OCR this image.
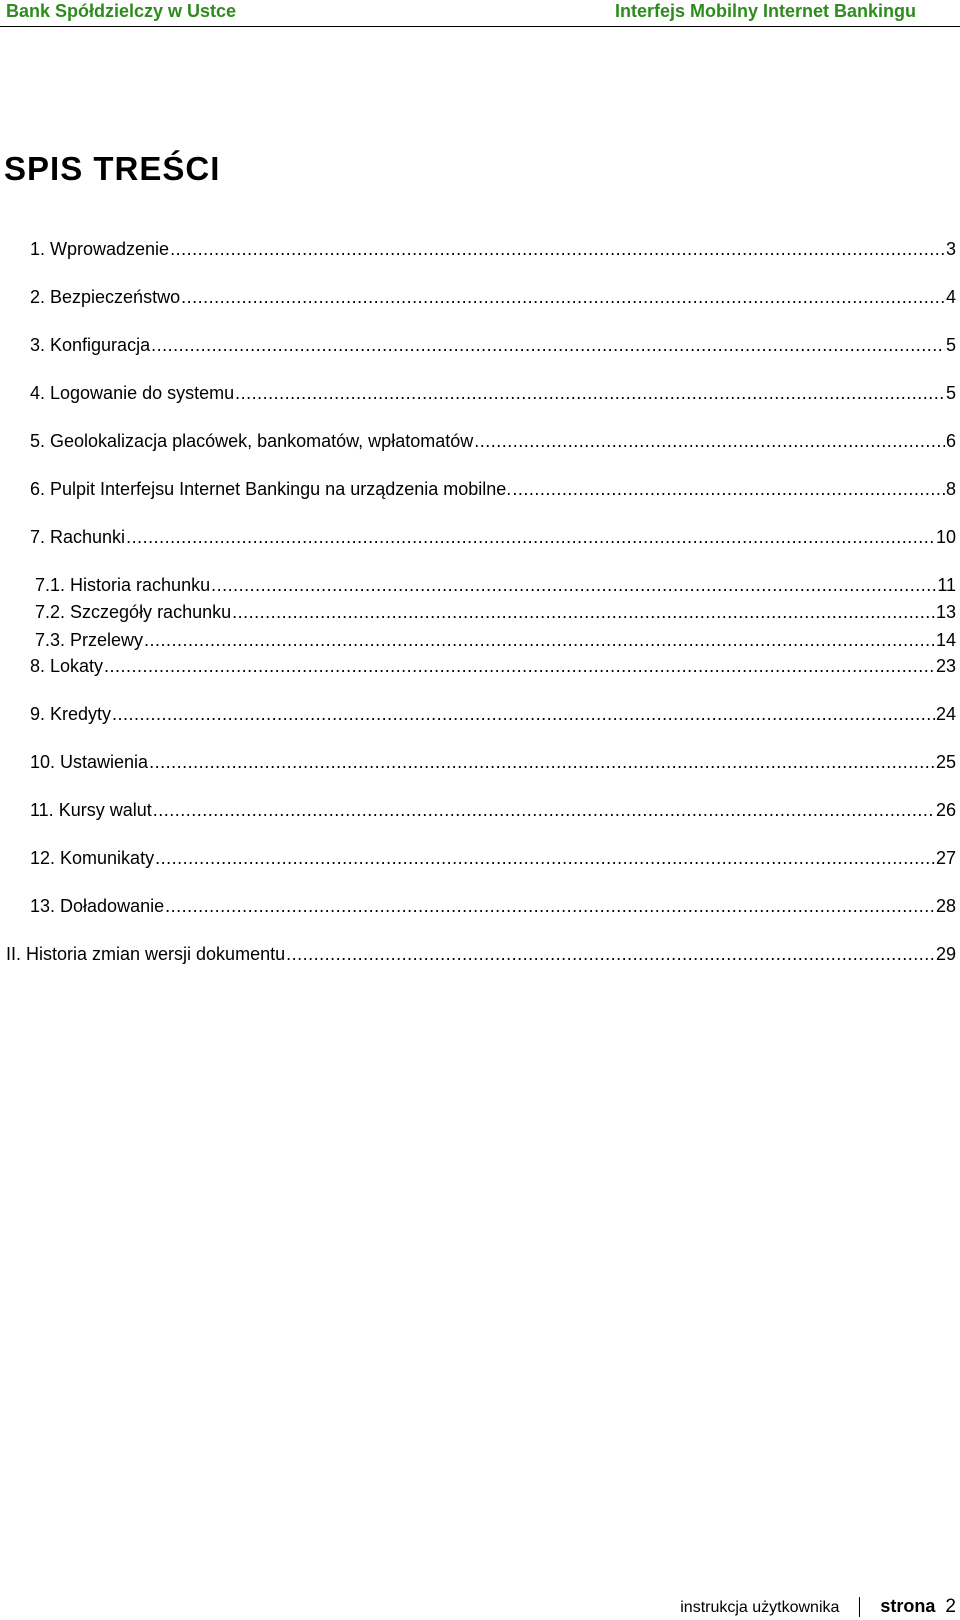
Bank Spółdzielczy w Ustce	Interfejs Mobilny Internet Bankingu
SPIS TREŚCI
1. Wprowadzenie .....	3
2. Bezpieczeństwo .....	4
3. Konfiguracja .....	5
4. Logowanie do systemu .....	5
5. Geolokalizacja placówek, bankomatów, wpłatomatów .....	6
6. Pulpit Interfejsu Internet Bankingu na urządzenia mobilne. .....	8
7. Rachunki .....	10
7.1. Historia rachunku .....	11
7.2. Szczegóły rachunku .....	13
7.3. Przelewy .....	14
8. Lokaty .....	23
9. Kredyty .....	24
10. Ustawienia .....	25
11. Kursy walut .....	26
12. Komunikaty .....	27
13. Doładowanie .....	28
II. Historia zmian wersji dokumentu .....	29
instrukcja użytkownika strona 2
